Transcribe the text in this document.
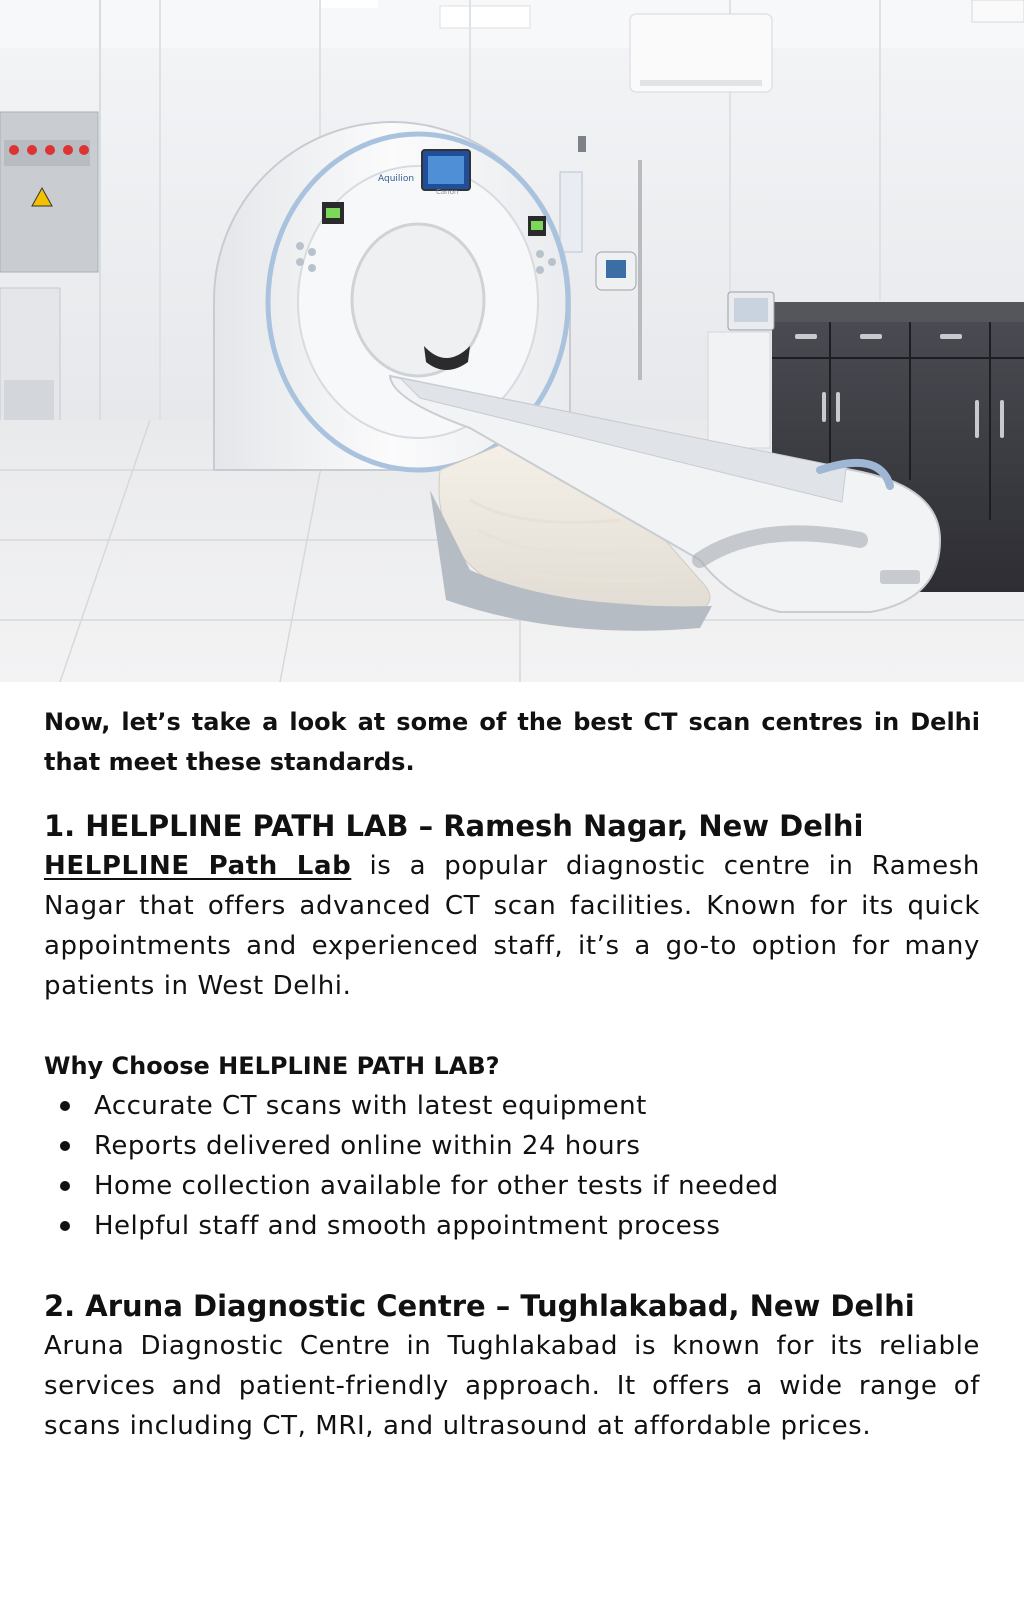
Aquilion
Canon

Now, let’s take a look at some of the best CT scan centres in Delhi that meet these standards.

1. HELPLINE PATH LAB – Ramesh Nagar, New Delhi

HELPLINE Path Lab is a popular diagnostic centre in Ramesh Nagar that offers advanced CT scan facilities. Known for its quick appointments and experienced staff, it’s a go-to option for many patients in West Delhi.

Why Choose HELPLINE PATH LAB?
Accurate CT scans with latest equipment
Reports delivered online within 24 hours
Home collection available for other tests if needed
Helpful staff and smooth appointment process
2. Aruna Diagnostic Centre – Tughlakabad, New Delhi

Aruna Diagnostic Centre in Tughlakabad is known for its reliable services and patient-friendly approach. It offers a wide range of scans including CT, MRI, and ultrasound at affordable prices.
